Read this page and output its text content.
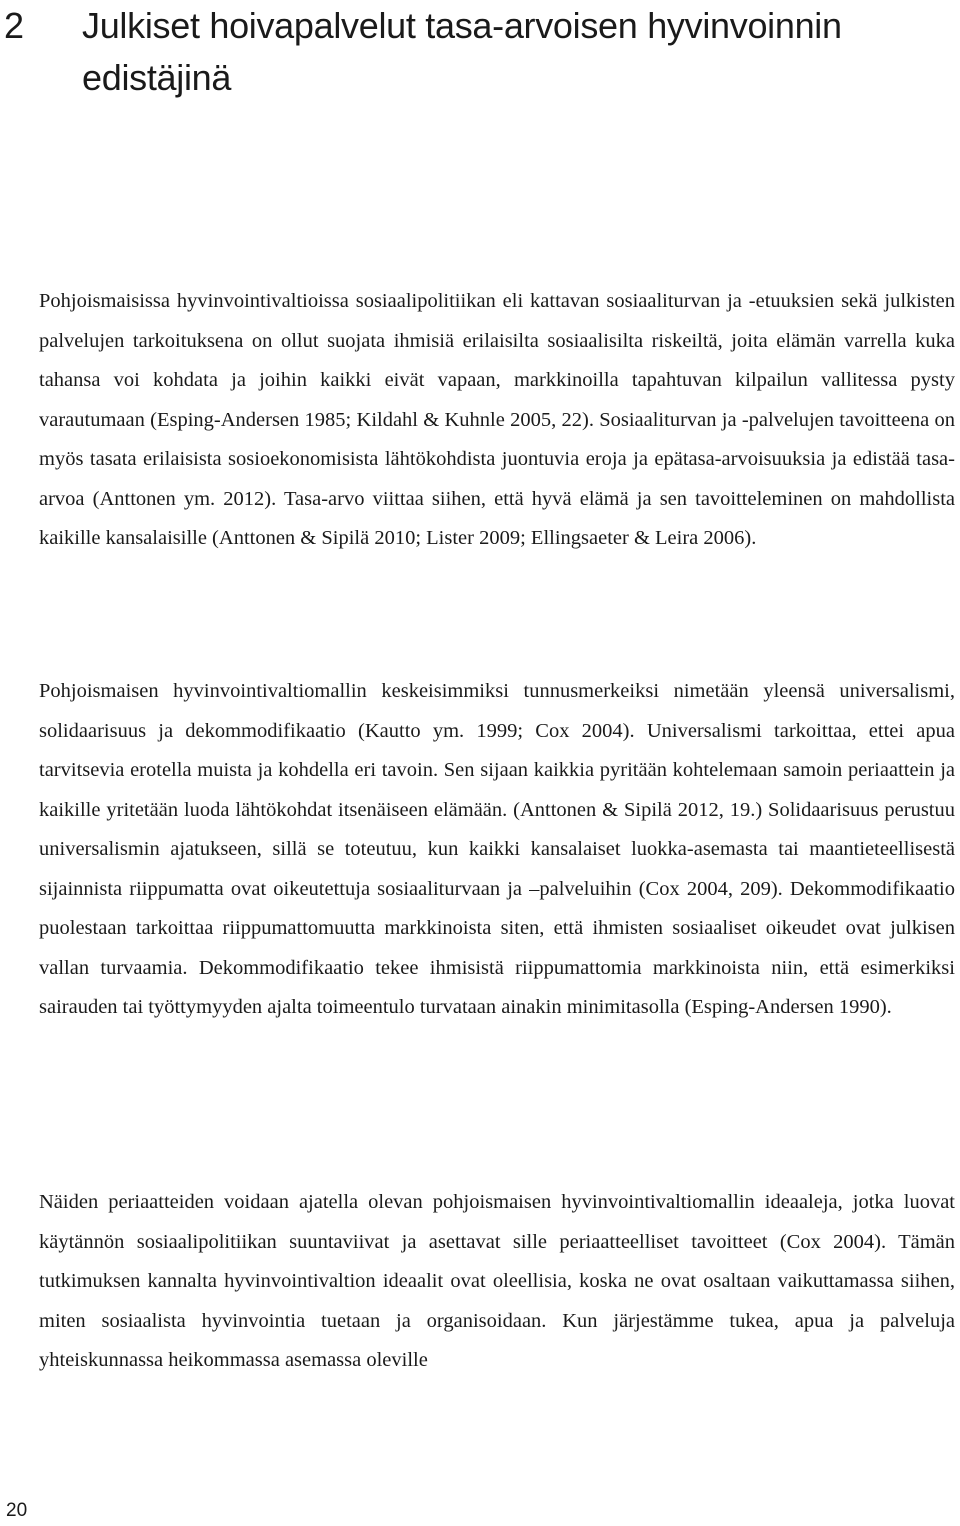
2 Julkiset hoivapalvelut tasa-arvoisen hyvinvoinnin edistäjinä

Pohjoismaisissa hyvinvointivaltioissa sosiaalipolitiikan eli kattavan sosiaaliturvan ja -etuuksien sekä julkisten palvelujen tarkoituksena on ollut suojata ihmisiä erilaisilta sosiaalisilta riskeiltä, joita elämän varrella kuka tahansa voi kohdata ja joihin kaikki eivät vapaan, markkinoilla tapahtuvan kilpailun vallitessa pysty varautumaan (Esping-Andersen 1985; Kildahl & Kuhnle 2005, 22). Sosiaaliturvan ja -palvelujen tavoitteena on myös tasata erilaisista sosioekonomisista lähtökohdista juontuvia eroja ja epätasa-arvoisuuksia ja edistää tasa-arvoa (Anttonen ym. 2012). Tasa-arvo viittaa siihen, että hyvä elämä ja sen tavoitteleminen on mahdollista kaikille kansalaisille (Anttonen & Sipilä 2010; Lister 2009; Ellingsaeter & Leira 2006).

Pohjoismaisen hyvinvointivaltiomallin keskeisimmiksi tunnusmerkeiksi nimetään yleensä universalismi, solidaarisuus ja dekommodifikaatio (Kautto ym. 1999; Cox 2004). Universalismi tarkoittaa, ettei apua tarvitsevia erotella muista ja kohdella eri tavoin. Sen sijaan kaikkia pyritään kohtelemaan samoin periaattein ja kaikille yritetään luoda lähtökohdat itsenäiseen elämään. (Anttonen & Sipilä 2012, 19.) Solidaarisuus perustuu universalismin ajatukseen, sillä se toteutuu, kun kaikki kansalaiset luokka-asemasta tai maantieteellisestä sijainnista riippumatta ovat oikeutettuja sosiaaliturvaan ja –palveluihin (Cox 2004, 209). Dekommodifikaatio puolestaan tarkoittaa riippumattomuutta markkinoista siten, että ihmisten sosiaaliset oikeudet ovat julkisen vallan turvaamia. Dekommodifikaatio tekee ihmisistä riippumattomia markkinoista niin, että esimerkiksi sairauden tai työttymyyden ajalta toimeentulo turvataan ainakin minimitasolla (Esping-Andersen 1990).

Näiden periaatteiden voidaan ajatella olevan pohjoismaisen hyvinvointivaltiomallin ideaaleja, jotka luovat käytännön sosiaalipolitiikan suuntaviivat ja asettavat sille periaatteelliset tavoitteet (Cox 2004). Tämän tutkimuksen kannalta hyvinvointivaltion ideaalit ovat oleellisia, koska ne ovat osaltaan vaikuttamassa siihen, miten sosiaalista hyvinvointia tuetaan ja organisoidaan. Kun järjestämme tukea, apua ja palveluja yhteiskunnassa heikommassa asemassa oleville

20
